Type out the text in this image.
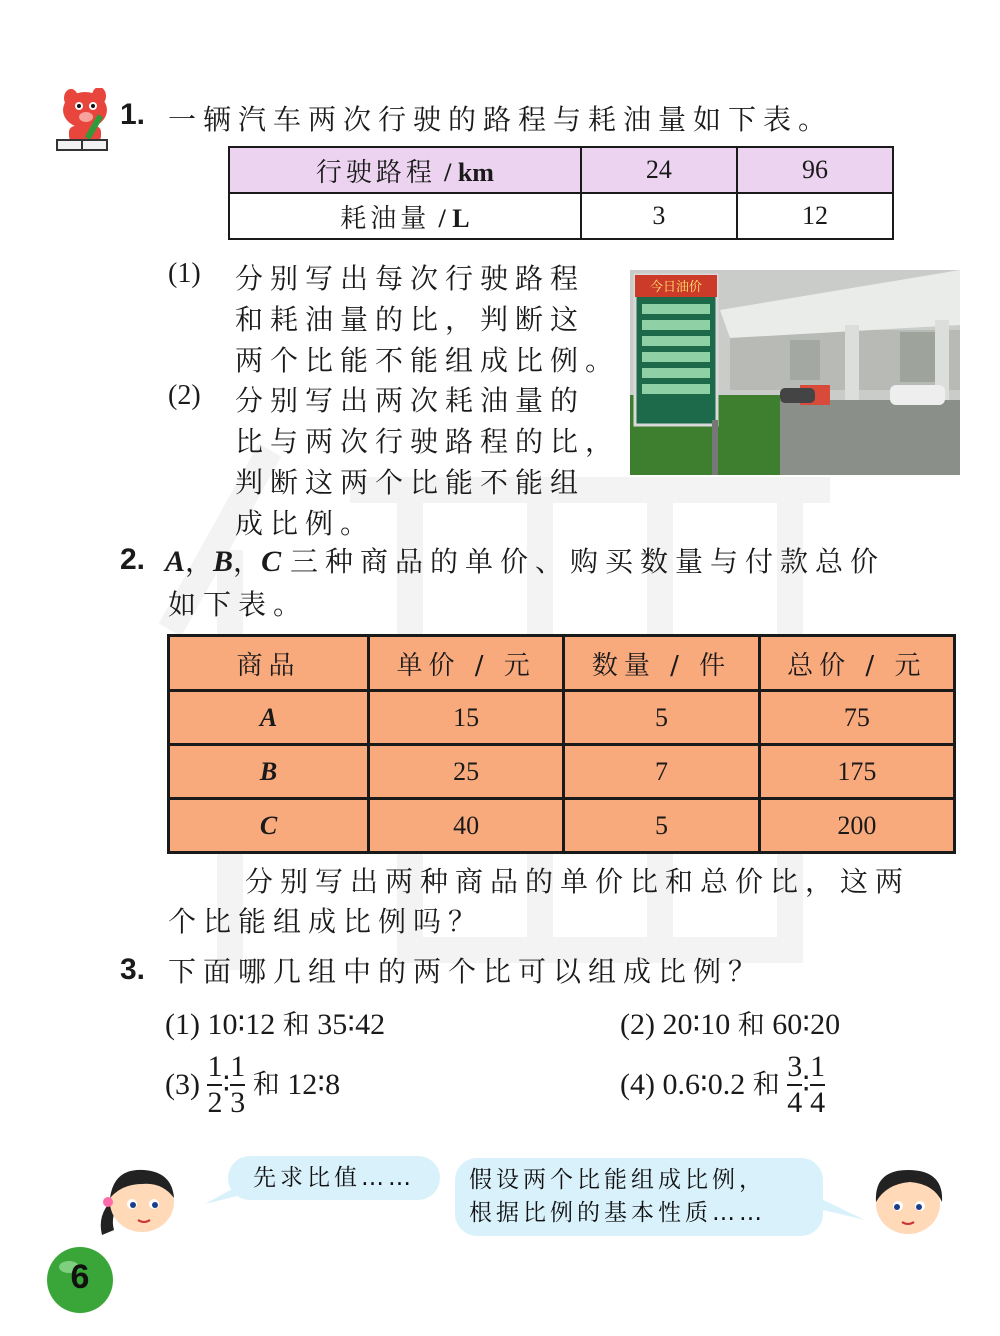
1. 一辆汽车两次行驶的路程与耗油量如下表。
行驶路程 / km	24	96
耗油量 / L	3	12
(1) 分别写出每次行驶路程
和耗油量的比，判断这
两个比能不能组成比例。
(2) 分别写出两次耗油量的
比与两次行驶路程的比，
判断这两个比能不能组
成比例。
今日油价
2. A，B，C 三种商品的单价、购买数量与付款总价
如下表。
商品	单价 / 元	数量 / 件	总价 / 元
A	15	5	75
B	25	7	175
C	40	5	200
分别写出两种商品的单价比和总价比，这两
个比能组成比例吗？
3. 下面哪几组中的两个比可以组成比例？
(1) 10∶12 和 35∶42	(2) 20∶10 和 60∶20
$(3) \frac{1}{2}$ ∶ $\frac{1}{3}$ 和 12∶8	(4) 0.6∶0.2 和 $\frac{3}{4}$ ∶ $\frac{1}{4}$
先求比值……	假设两个比能组成比例，
根据比例的基本性质……
6
